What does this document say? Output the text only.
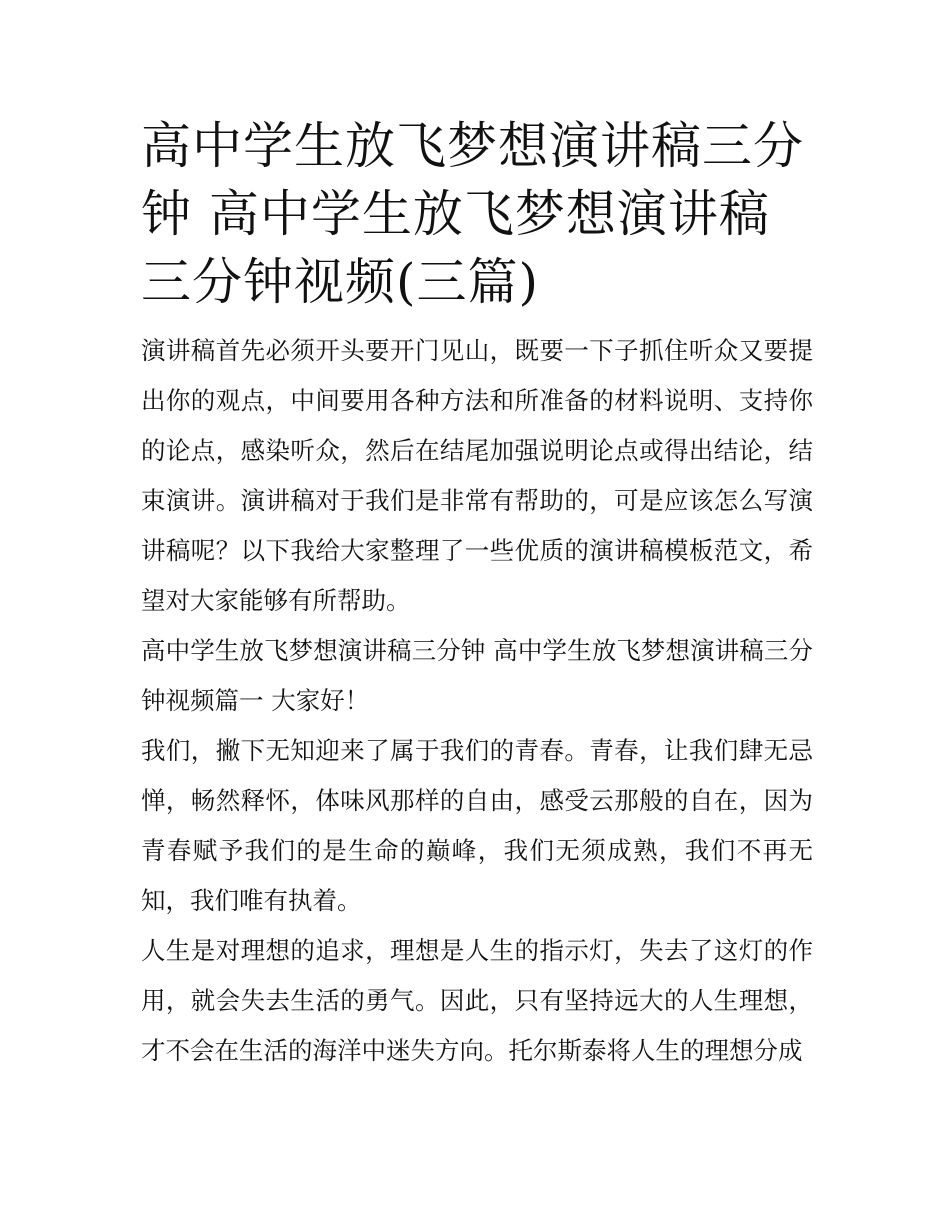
高中学生放飞梦想演讲稿三分钟 高中学生放飞梦想演讲稿三分钟视频(三篇)

演讲稿首先必须开头要开门见山，既要一下子抓住听众又要提出你的观点，中间要用各种方法和所准备的材料说明、支持你的论点，感染听众，然后在结尾加强说明论点或得出结论，结束演讲。演讲稿对于我们是非常有帮助的，可是应该怎么写演讲稿呢？以下我给大家整理了一些优质的演讲稿模板范文，希望对大家能够有所帮助。

高中学生放飞梦想演讲稿三分钟 高中学生放飞梦想演讲稿三分钟视频篇一 大家好！

我们，撇下无知迎来了属于我们的青春。青春，让我们肆无忌惮，畅然释怀，体味风那样的自由，感受云那般的自在，因为青春赋予我们的是生命的巅峰，我们无须成熟，我们不再无知，我们唯有执着。

人生是对理想的追求，理想是人生的指示灯，失去了这灯的作用，就会失去生活的勇气。因此，只有坚持远大的人生理想，才不会在生活的海洋中迷失方向。托尔斯泰将人生的理想分成
